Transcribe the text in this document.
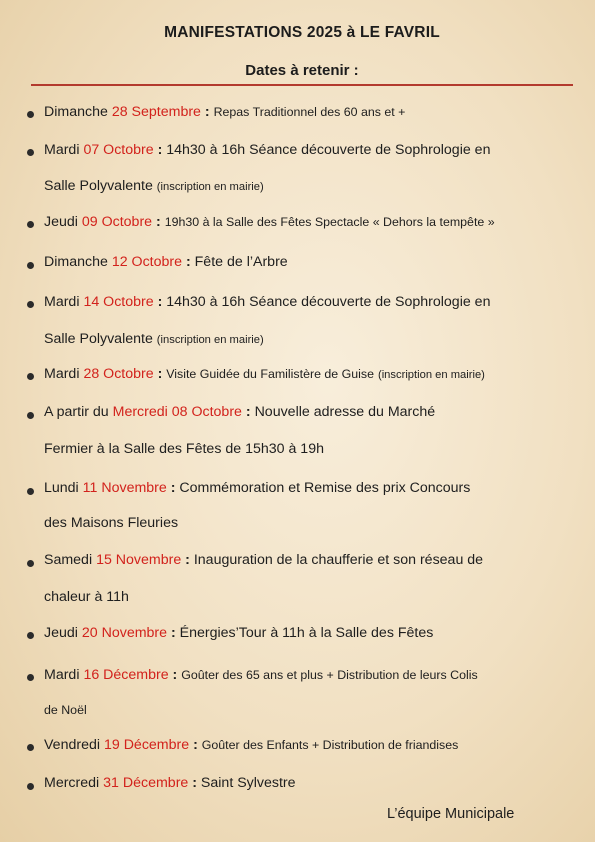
MANIFESTATIONS 2025 à LE FAVRIL
Dates à retenir :
Dimanche 28 Septembre : Repas Traditionnel des 60 ans et +
Mardi 07 Octobre : 14h30 à 16h Séance découverte de Sophrologie en
Salle Polyvalente (inscription en mairie)
Jeudi 09 Octobre : 19h30 à la Salle des Fêtes Spectacle « Dehors la tempête »
Dimanche 12 Octobre : Fête de l’Arbre
Mardi 14 Octobre : 14h30 à 16h Séance découverte de Sophrologie en
Salle Polyvalente (inscription en mairie)
Mardi 28 Octobre : Visite Guidée du Familistère de Guise (inscription en mairie)
A partir du Mercredi 08 Octobre : Nouvelle adresse du Marché
Fermier à la Salle des Fêtes de 15h30 à 19h
Lundi 11 Novembre : Commémoration et Remise des prix Concours
des Maisons Fleuries
Samedi 15 Novembre : Inauguration de la chaufferie et son réseau de
chaleur à 11h
Jeudi 20 Novembre : Énergies’Tour à 11h à la Salle des Fêtes
Mardi 16 Décembre : Goûter des 65 ans et plus + Distribution de leurs Colis
de Noël
Vendredi 19 Décembre : Goûter des Enfants + Distribution de friandises
Mercredi 31 Décembre : Saint Sylvestre
L’équipe Municipale
